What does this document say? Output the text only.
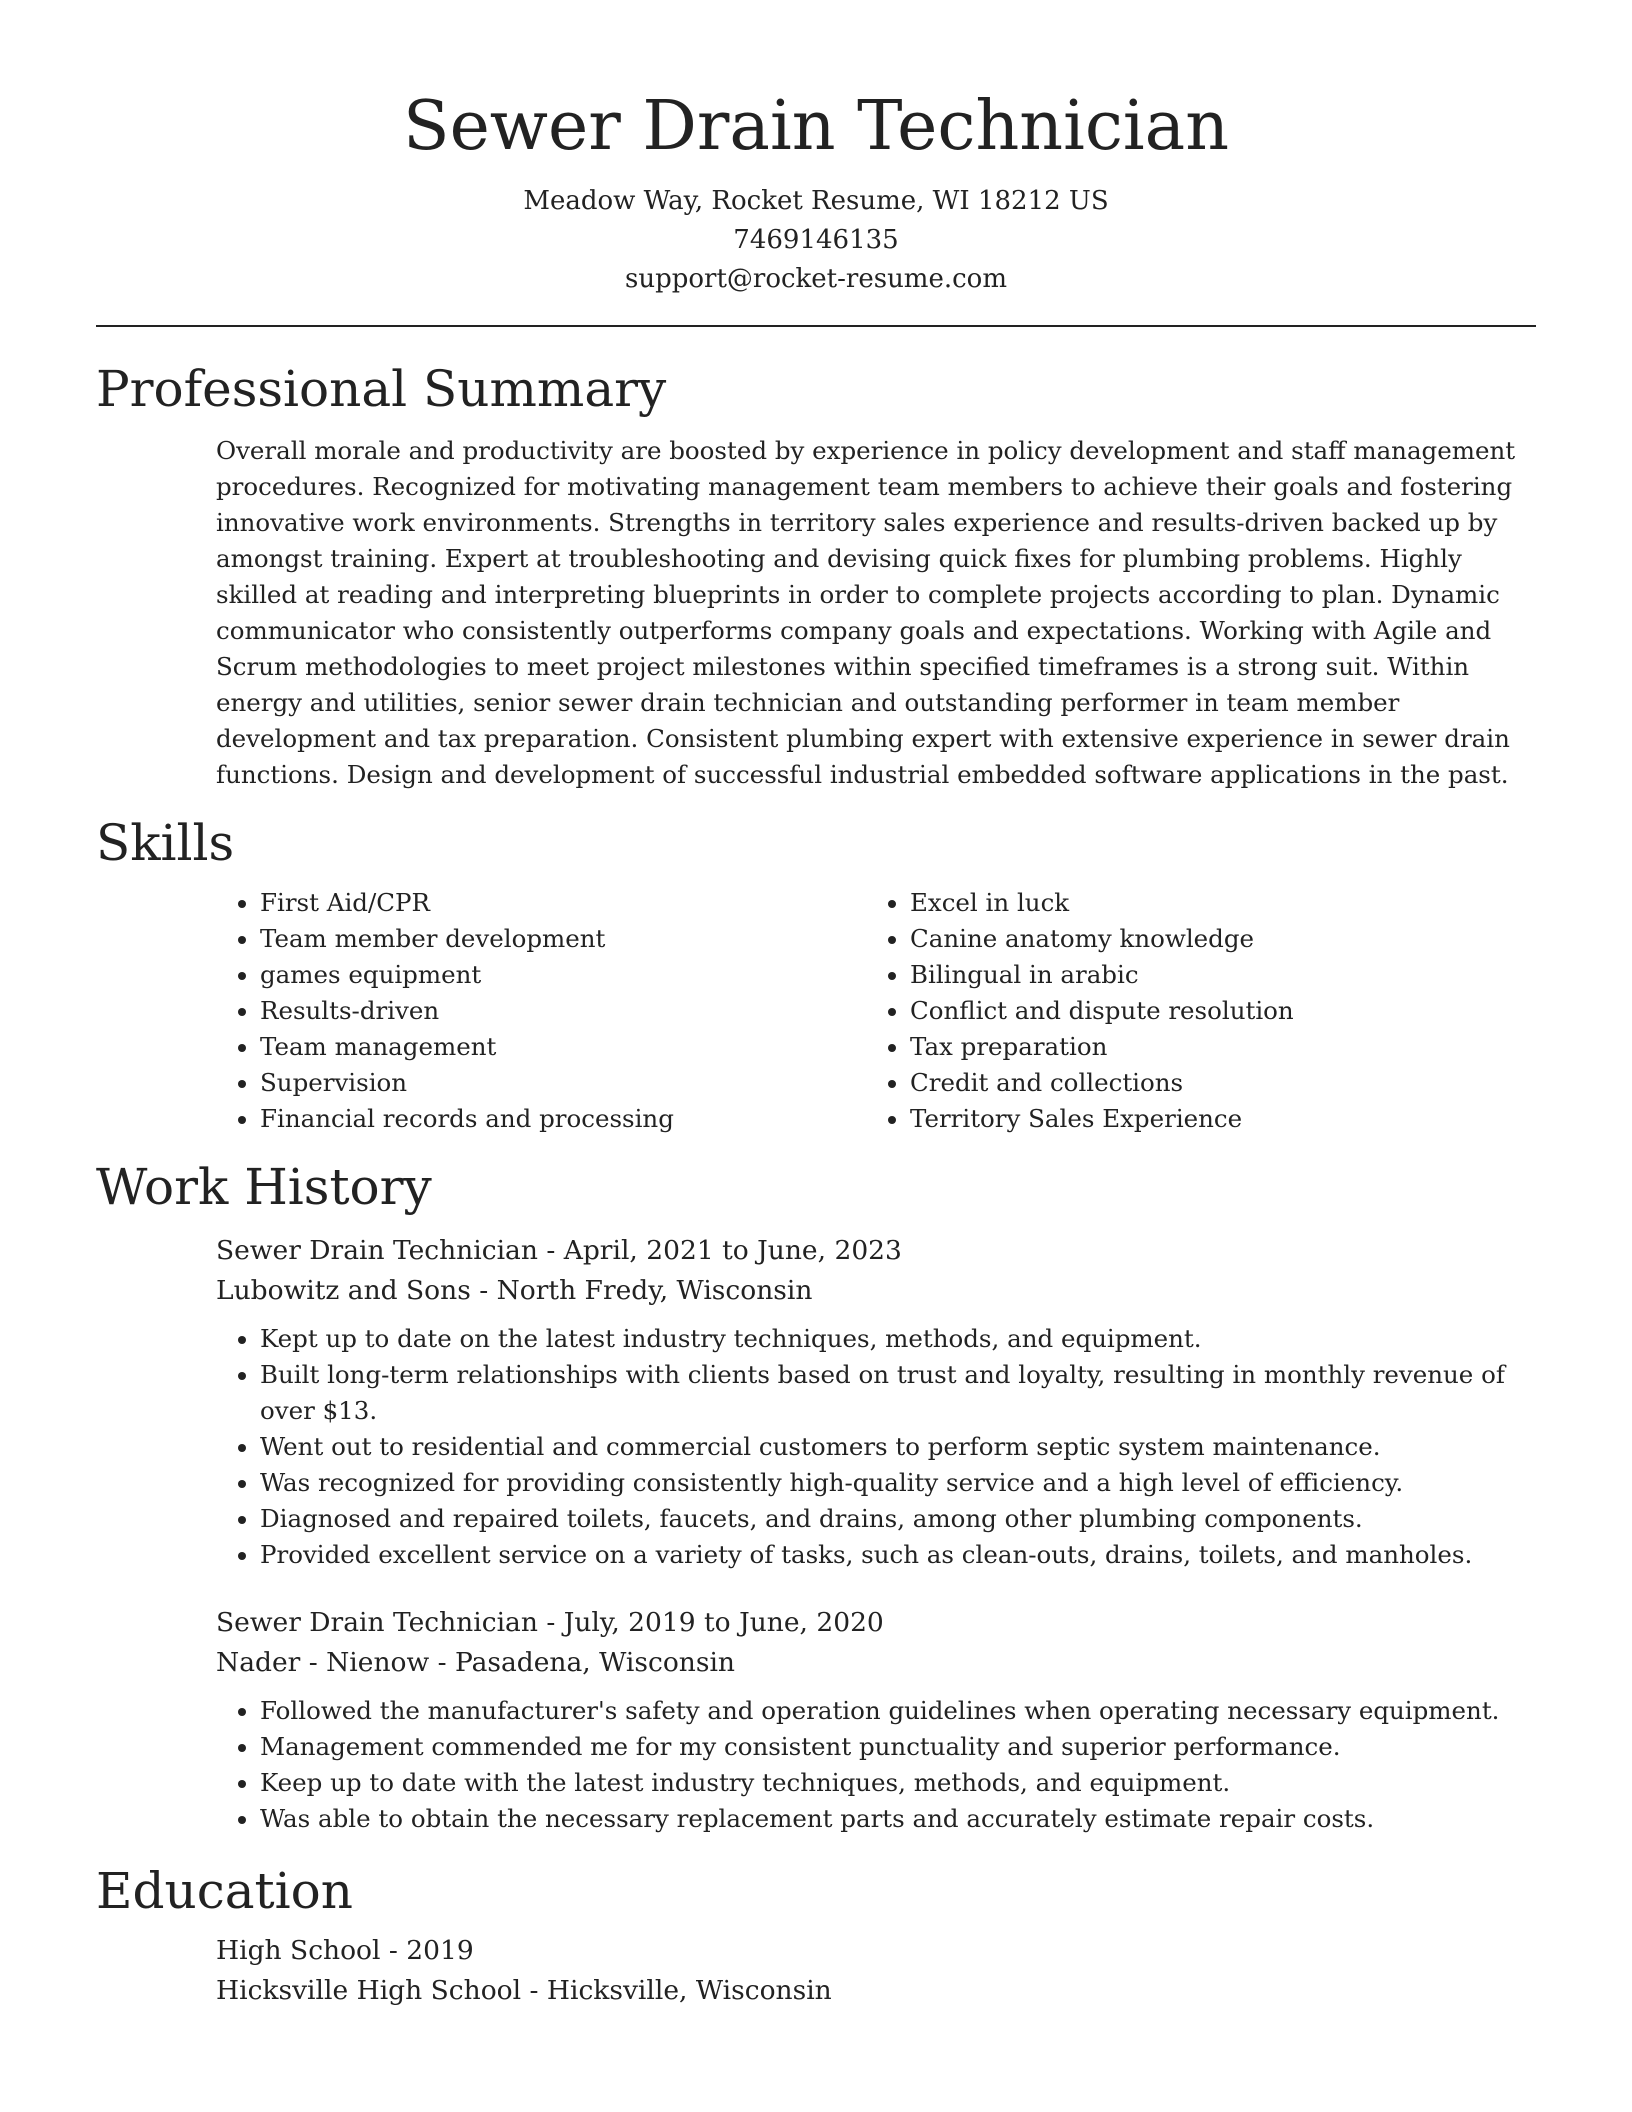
Sewer Drain Technician
Meadow Way, Rocket Resume, WI 18212 US
7469146135
support@rocket-resume.com
Professional Summary

Overall morale and productivity are boosted by experience in policy development and staff management procedures. Recognized for motivating management team members to achieve their goals and fostering innovative work environments. Strengths in territory sales experience and results-driven backed up by amongst training. Expert at troubleshooting and devising quick fixes for plumbing problems. Highly skilled at reading and interpreting blueprints in order to complete projects according to plan. Dynamic communicator who consistently outperforms company goals and expectations. Working with Agile and Scrum methodologies to meet project milestones within specified timeframes is a strong suit. Within energy and utilities, senior sewer drain technician and outstanding performer in team member development and tax preparation. Consistent plumbing expert with extensive experience in sewer drain functions. Design and development of successful industrial embedded software applications in the past.

Skills
• First Aid/CPR
• Team member development
• games equipment
• Results-driven
• Team management
• Supervision
• Financial records and processing
• Excel in luck
• Canine anatomy knowledge
• Bilingual in arabic
• Conflict and dispute resolution
• Tax preparation
• Credit and collections
• Territory Sales Experience
Work History
Sewer Drain Technician - April, 2021 to June, 2023
Lubowitz and Sons - North Fredy, Wisconsin
• Kept up to date on the latest industry techniques, methods, and equipment.
• Built long-term relationships with clients based on trust and loyalty, resulting in monthly revenue of over $13.
• Went out to residential and commercial customers to perform septic system maintenance.
• Was recognized for providing consistently high-quality service and a high level of efficiency.
• Diagnosed and repaired toilets, faucets, and drains, among other plumbing components.
• Provided excellent service on a variety of tasks, such as clean-outs, drains, toilets, and manholes.
Sewer Drain Technician - July, 2019 to June, 2020
Nader - Nienow - Pasadena, Wisconsin
• Followed the manufacturer's safety and operation guidelines when operating necessary equipment.
• Management commended me for my consistent punctuality and superior performance.
• Keep up to date with the latest industry techniques, methods, and equipment.
• Was able to obtain the necessary replacement parts and accurately estimate repair costs.
Education
High School - 2019
Hicksville High School - Hicksville, Wisconsin
